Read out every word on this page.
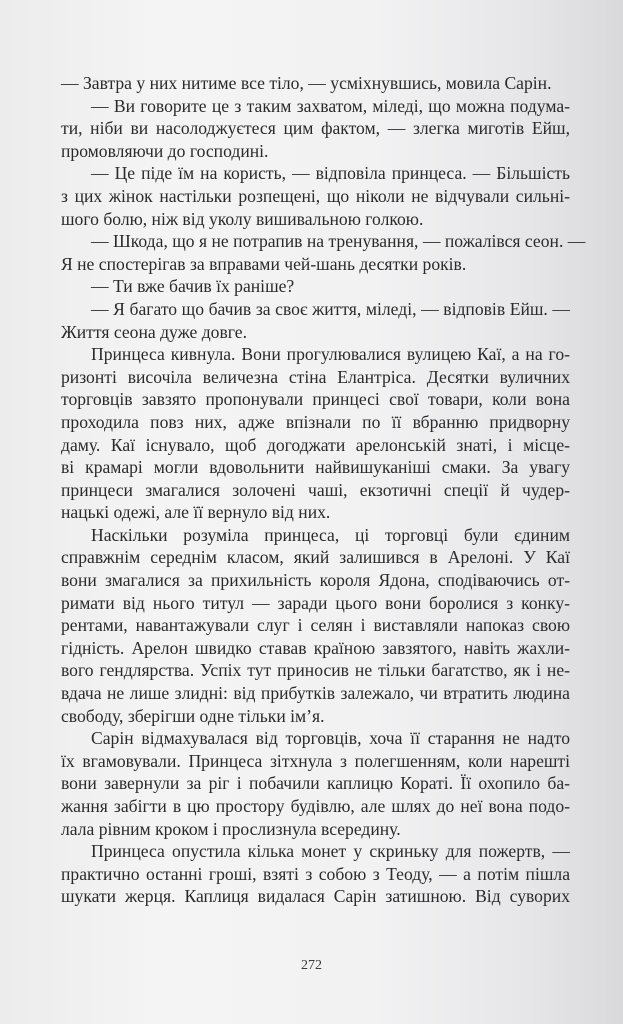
— Завтра у них нитиме все тіло, — усміхнувшись, мовила Сарін.
— Ви говорите це з таким захватом, міледі, що можна подума-
ти, ніби ви насолоджуєтеся цим фактом, — злегка миготів Ейш,
промовляючи до господині.
— Це піде їм на користь, — відповіла принцеса. — Більшість
з цих жінок настільки розпещені, що ніколи не відчували сильні-
шого болю, ніж від уколу вишивальною голкою.
— Шкода, що я не потрапив на тренування, — пожалівся сеон. —
Я не спостерігав за вправами чей-шань десятки років.
— Ти вже бачив їх раніше?
— Я багато що бачив за своє життя, міледі, — відповів Ейш. —
Життя сеона дуже довге.
Принцеса кивнула. Вони прогулювалися вулицею Каї, а на го-
ризонті височіла величезна стіна Елантріса. Десятки вуличних
торговців завзято пропонували принцесі свої товари, коли вона
проходила повз них, адже впізнали по її вбранню придворну
даму. Каї існувало, щоб догоджати арелонській знаті, і місце-
ві крамарі могли вдовольнити найвишуканіші смаки. За увагу
принцеси змагалися золочені чаші, екзотичні спеції й чудер-
нацькі одежі, але її вернуло від них.
Наскільки розуміла принцеса, ці торговці були єдиним
справжнім середнім класом, який залишився в Арелоні. У Каї
вони змагалися за прихильність короля Ядона, сподіваючись от-
римати від нього титул — заради цього вони боролися з конку-
рентами, навантажували слуг і селян і виставляли напоказ свою
гідність. Арелон швидко ставав країною завзятого, навіть жахли-
вого гендлярства. Успіх тут приносив не тільки багатство, як і не-
вдача не лише злидні: від прибутків залежало, чи втратить людина
свободу, зберігши одне тільки ім’я.
Сарін відмахувалася від торговців, хоча її старання не надто
їх вгамовували. Принцеса зітхнула з полегшенням, коли нарешті
вони завернули за ріг і побачили каплицю Кораті. Її охопило ба-
жання забігти в цю простору будівлю, але шлях до неї вона подо-
лала рівним кроком і прослизнула всередину.
Принцеса опустила кілька монет у скриньку для пожертв, —
практично останні гроші, взяті з собою з Теоду, — а потім пішла
шукати жерця. Каплиця видалася Сарін затишною. Від суворих
272
